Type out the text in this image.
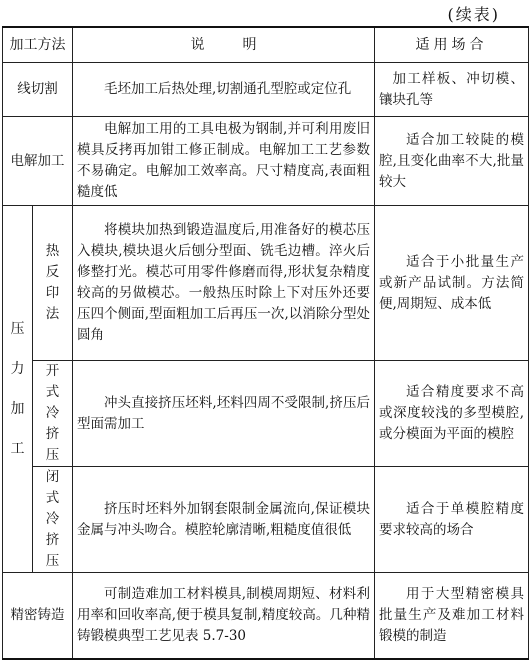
(续表)
加工方法		说明	适用场合
线切割		毛坯加工后热处理,切割通孔型腔或定位孔	加工样板、冲切模、镶块孔等
电解加工		电解加工用的工具电极为钢制,并可利用废旧模具反拷再加钳工修正制成。电解加工工艺参数不易确定。电解加工效率高。尺寸精度高,表面粗糙度低	适合加工较陡的模腔,且变化曲率不大,批量较大

压
力
加
工	热反印法	将模块加热到锻造温度后,用准备好的模芯压入模块,模块退火后刨分型面、铣毛边槽。淬火后修整打光。模芯可用零件修磨而得,形状复杂精度较高的另做模芯。一般热压时除上下对压外还要压四个侧面,型面粗加工后再压一次,以消除分型处圆角	适合于小批量生产或新产品试制。方法简便,周期短、成本低
	开式冷挤压	冲头直接挤压坯料,坯料四周不受限制,挤压后型面需加工	适合精度要求不高或深度较浅的多型模腔,或分模面为平面的模腔
	闭式冷挤压	挤压时坯料外加钢套限制金属流向,保证模块金属与冲头吻合。模腔轮廓清晰,粗糙度值很低	适合于单模腔精度要求较高的场合
精密铸造		可制造难加工材料模具,制模周期短、材料利用率和回收率高,便于模具复制,精度较高。几种精铸锻模典型工艺见表 5.7-30	用于大型精密模具批量生产及难加工材料锻模的制造
